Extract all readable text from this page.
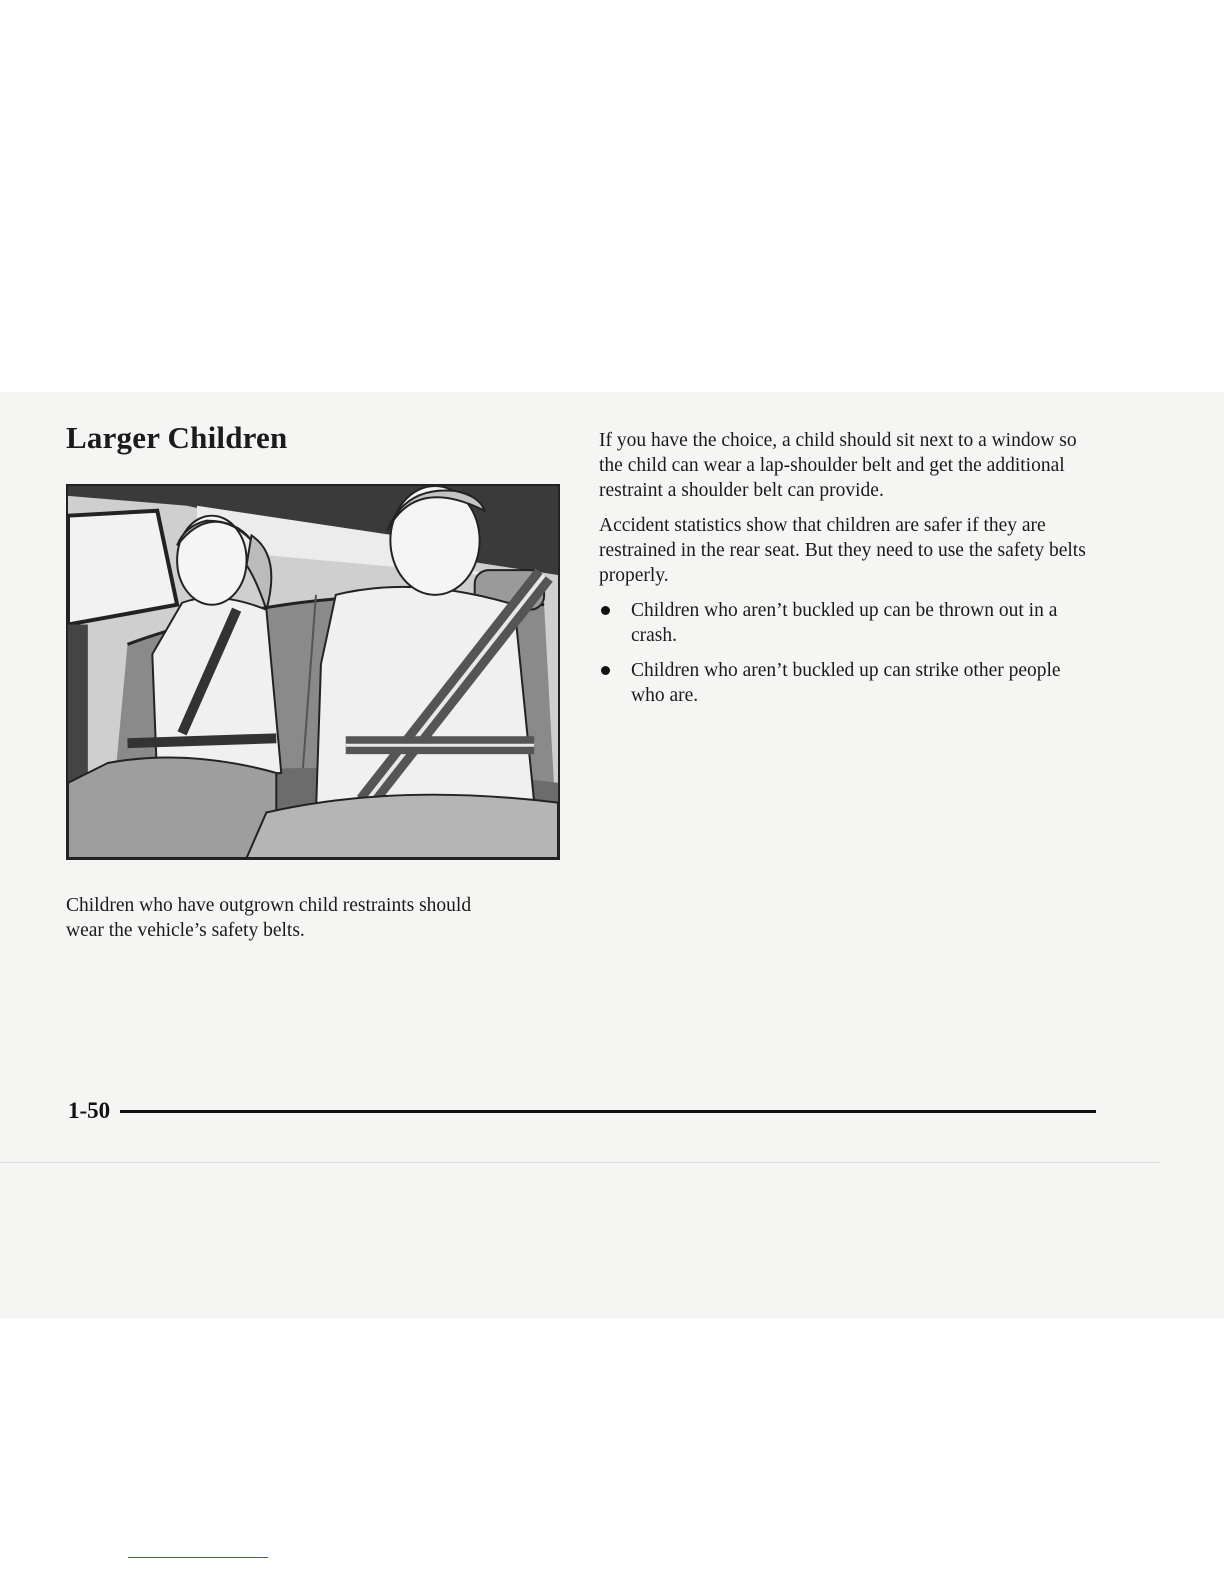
Larger Children

Children who have outgrown child restraints should
wear the vehicle’s safety belts.

If you have the choice, a child should sit next to a window so the child can wear a lap-shoulder belt and get the additional restraint a shoulder belt can provide.

Accident statistics show that children are safer if they are restrained in the rear seat. But they need to use the safety belts properly.

Children who aren’t buckled up can be thrown out in a crash.
Children who aren’t buckled up can strike other people who are.
1-50
